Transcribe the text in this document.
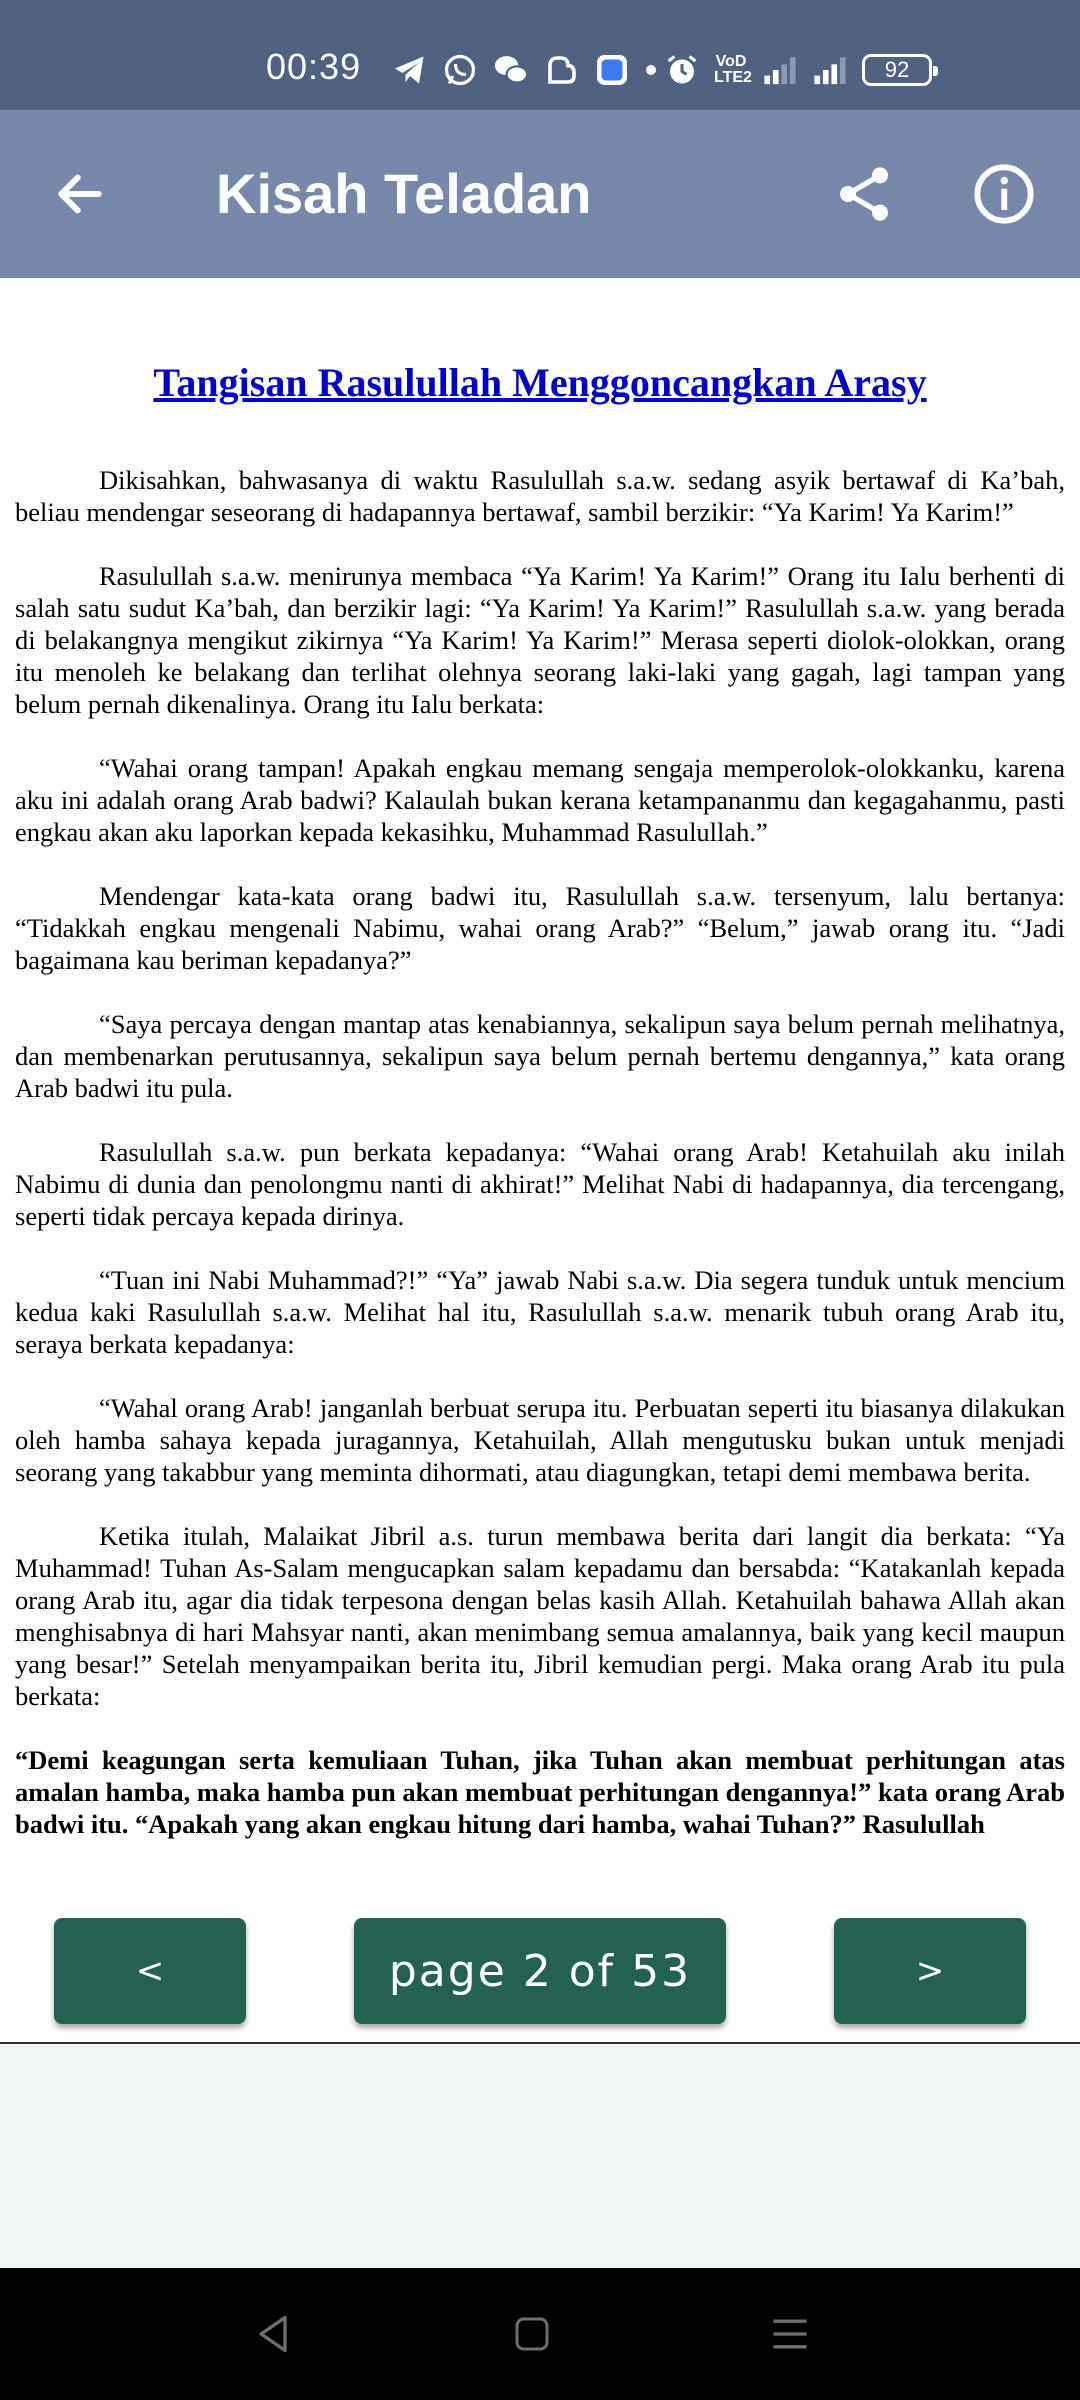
00:39	VoD
LTE2	92
Kisah Teladan
Tangisan Rasulullah Menggoncangkan Arasy

Dikisahkan, bahwasanya di waktu Rasulullah s.a.w. sedang asyik bertawaf di Ka’bah, beliau mendengar seseorang di hadapannya bertawaf, sambil berzikir: “Ya Karim! Ya Karim!”

Rasulullah s.a.w. menirunya membaca “Ya Karim! Ya Karim!” Orang itu Ialu berhenti di salah satu sudut Ka’bah, dan berzikir lagi: “Ya Karim! Ya Karim!” Rasulullah s.a.w. yang berada di belakangnya mengikut zikirnya “Ya Karim! Ya Karim!” Merasa seperti diolok-olokkan, orang itu menoleh ke belakang dan terlihat olehnya seorang laki-laki yang gagah, lagi tampan yang belum pernah dikenalinya. Orang itu Ialu berkata:

“Wahai orang tampan! Apakah engkau memang sengaja memperolok-olokkanku, karena aku ini adalah orang Arab badwi? Kalaulah bukan kerana ketampananmu dan kegagahanmu, pasti engkau akan aku laporkan kepada kekasihku, Muhammad Rasulullah.”

Mendengar kata-kata orang badwi itu, Rasulullah s.a.w. tersenyum, lalu bertanya: “Tidakkah engkau mengenali Nabimu, wahai orang Arab?” “Belum,” jawab orang itu. “Jadi bagaimana kau beriman kepadanya?”

“Saya percaya dengan mantap atas kenabiannya, sekalipun saya belum pernah melihatnya, dan membenarkan perutusannya, sekalipun saya belum pernah bertemu dengannya,” kata orang Arab badwi itu pula.

Rasulullah s.a.w. pun berkata kepadanya: “Wahai orang Arab! Ketahuilah aku inilah Nabimu di dunia dan penolongmu nanti di akhirat!” Melihat Nabi di hadapannya, dia tercengang, seperti tidak percaya kepada dirinya.

“Tuan ini Nabi Muhammad?!” “Ya” jawab Nabi s.a.w. Dia segera tunduk untuk mencium kedua kaki Rasulullah s.a.w. Melihat hal itu, Rasulullah s.a.w. menarik tubuh orang Arab itu, seraya berkata kepadanya:

“Wahal orang Arab! janganlah berbuat serupa itu. Perbuatan seperti itu biasanya dilakukan oleh hamba sahaya kepada juragannya, Ketahuilah, Allah mengutusku bukan untuk menjadi seorang yang takabbur yang meminta dihormati, atau diagungkan, tetapi demi membawa berita.

Ketika itulah, Malaikat Jibril a.s. turun membawa berita dari langit dia berkata: “Ya Muhammad! Tuhan As-Salam mengucapkan salam kepadamu dan bersabda: “Katakanlah kepada orang Arab itu, agar dia tidak terpesona dengan belas kasih Allah. Ketahuilah bahawa Allah akan menghisabnya di hari Mahsyar nanti, akan menimbang semua amalannya, baik yang kecil maupun yang besar!” Setelah menyampaikan berita itu, Jibril kemudian pergi. Maka orang Arab itu pula berkata:

“Demi keagungan serta kemuliaan Tuhan, jika Tuhan akan membuat perhitungan atas amalan hamba, maka hamba pun akan membuat perhitungan dengannya!” kata orang Arab badwi itu. “Apakah yang akan engkau hitung dari hamba, wahai Tuhan?” Rasulullah

<	page 2 of 53	>
